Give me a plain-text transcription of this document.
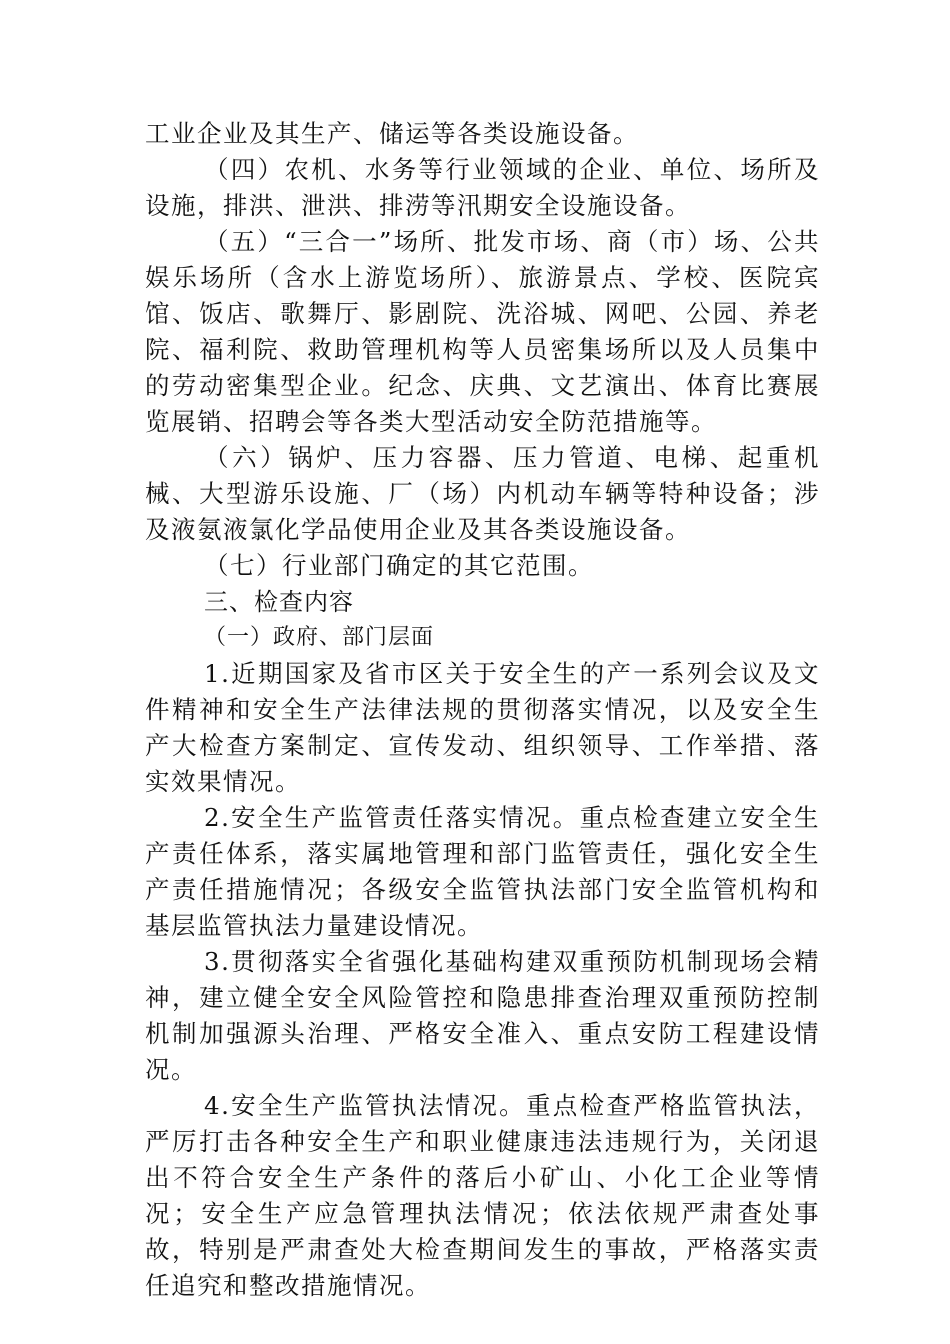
工业企业及其生产、储运等各类设施设备。

（四）农机、水务等行业领域的企业、单位、场所及设施，排洪、泄洪、排涝等汛期安全设施设备。

（五）“三合一”场所、批发市场、商（市）场、公共娱乐场所（含水上游览场所）、旅游景点、学校、医院宾馆、饭店、歌舞厅、影剧院、洗浴城、网吧、公园、养老院、福利院、救助管理机构等人员密集场所以及人员集中的劳动密集型企业。纪念、庆典、文艺演出、体育比赛展览展销、招聘会等各类大型活动安全防范措施等。

（六）锅炉、压力容器、压力管道、电梯、起重机械、大型游乐设施、厂（场）内机动车辆等特种设备；涉及液氨液氯化学品使用企业及其各类设施设备。

（七）行业部门确定的其它范围。

三、检查内容

（一）政府、部门层面

1.近期国家及省市区关于安全生的产一系列会议及文件精神和安全生产法律法规的贯彻落实情况，以及安全生产大检查方案制定、宣传发动、组织领导、工作举措、落实效果情况。

2.安全生产监管责任落实情况。重点检查建立安全生产责任体系，落实属地管理和部门监管责任，强化安全生产责任措施情况；各级安全监管执法部门安全监管机构和基层监管执法力量建设情况。

3.贯彻落实全省强化基础构建双重预防机制现场会精神，建立健全安全风险管控和隐患排查治理双重预防控制机制加强源头治理、严格安全准入、重点安防工程建设情况。

4.安全生产监管执法情况。重点检查严格监管执法，严厉打击各种安全生产和职业健康违法违规行为，关闭退出不符合安全生产条件的落后小矿山、小化工企业等情况；安全生产应急管理执法情况；依法依规严肃查处事故，特别是严肃查处大检查期间发生的事故，严格落实责任追究和整改措施情况。
